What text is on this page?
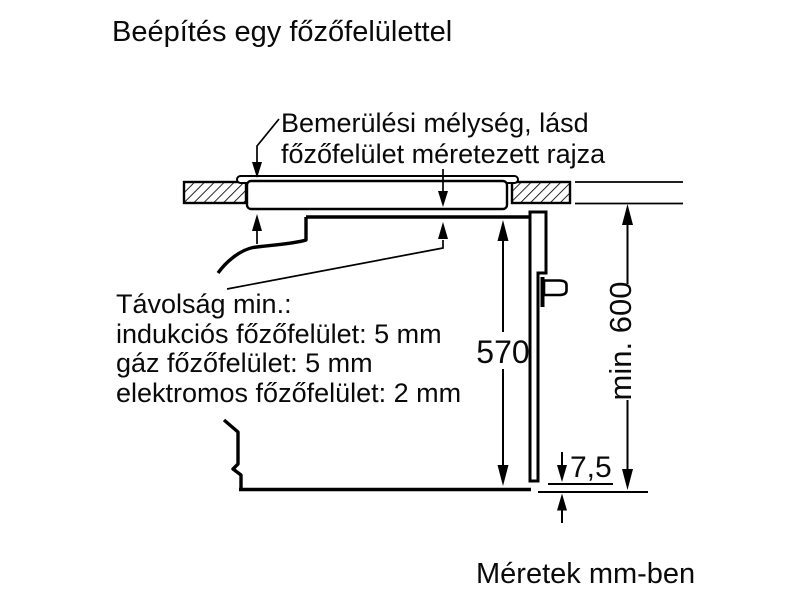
Beépítés egy főzőfelülettel
Bemerülési mélység, lásd
főzőfelület méretezett rajza
Távolság min.:
indukciós főzőfelület: 5 mm
gáz főzőfelület: 5 mm
elektromos főzőfelület: 2 mm
570	min. 600
7,5
Méretek mm-ben
